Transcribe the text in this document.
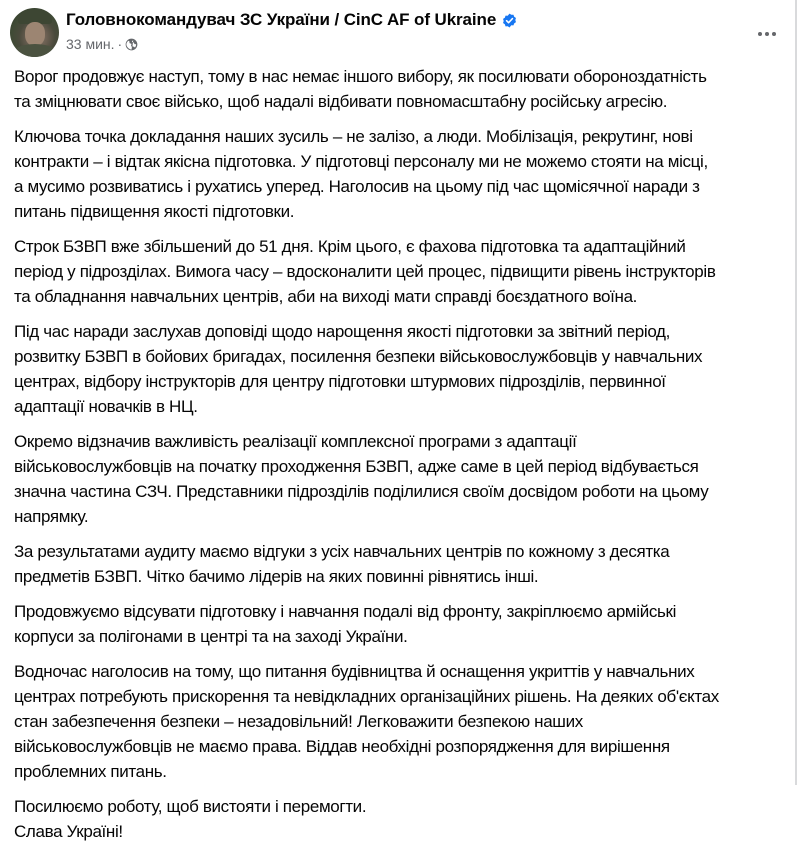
Головнокомандувач ЗС України / CinC AF of Ukraine
33 мин. ·

Ворог продовжує наступ, тому в нас немає іншого вибору, як посилювати обороноздатність
та зміцнювати своє військо, щоб надалі відбивати повномасштабну російську агресію.

Ключова точка докладання наших зусиль – не залізо, а люди. Мобілізація, рекрутинг, нові
контракти – і відтак якісна підготовка. У підготовці персоналу ми не можемо стояти на місці,
а мусимо розвиватись і рухатись уперед. Наголосив на цьому під час щомісячної наради з
питань підвищення якості підготовки.

Строк БЗВП вже збільшений до 51 дня. Крім цього, є фахова підготовка та адаптаційний
період у підрозділах. Вимога часу – вдосконалити цей процес, підвищити рівень інструкторів
та обладнання навчальних центрів, аби на виході мати справді боєздатного воїна.

Під час наради заслухав доповіді щодо нарощення якості підготовки за звітний період,
розвитку БЗВП в бойових бригадах, посилення безпеки військовослужбовців у навчальних
центрах, відбору інструкторів для центру підготовки штурмових підрозділів, первинної
адаптації новачків в НЦ.

Окремо відзначив важливість реалізації комплексної програми з адаптації
військовослужбовців на початку проходження БЗВП, адже саме в цей період відбувається
значна частина СЗЧ. Представники підрозділів поділилися своїм досвідом роботи на цьому
напрямку.

За результатами аудиту маємо відгуки з усіх навчальних центрів по кожному з десятка
предметів БЗВП. Чітко бачимо лідерів на яких повинні рівнятись інші.

Продовжуємо відсувати підготовку і навчання подалі від фронту, закріплюємо армійські
корпуси за полігонами в центрі та на заході України.

Водночас наголосив на тому, що питання будівництва й оснащення укриттів у навчальних
центрах потребують прискорення та невідкладних організаційних рішень. На деяких об'єктах
стан забезпечення безпеки – незадовільний! Легковажити безпекою наших
військовослужбовців не маємо права. Віддав необхідні розпорядження для вирішення
проблемних питань.

Посилюємо роботу, щоб вистояти і перемогти.
Слава Україні!
